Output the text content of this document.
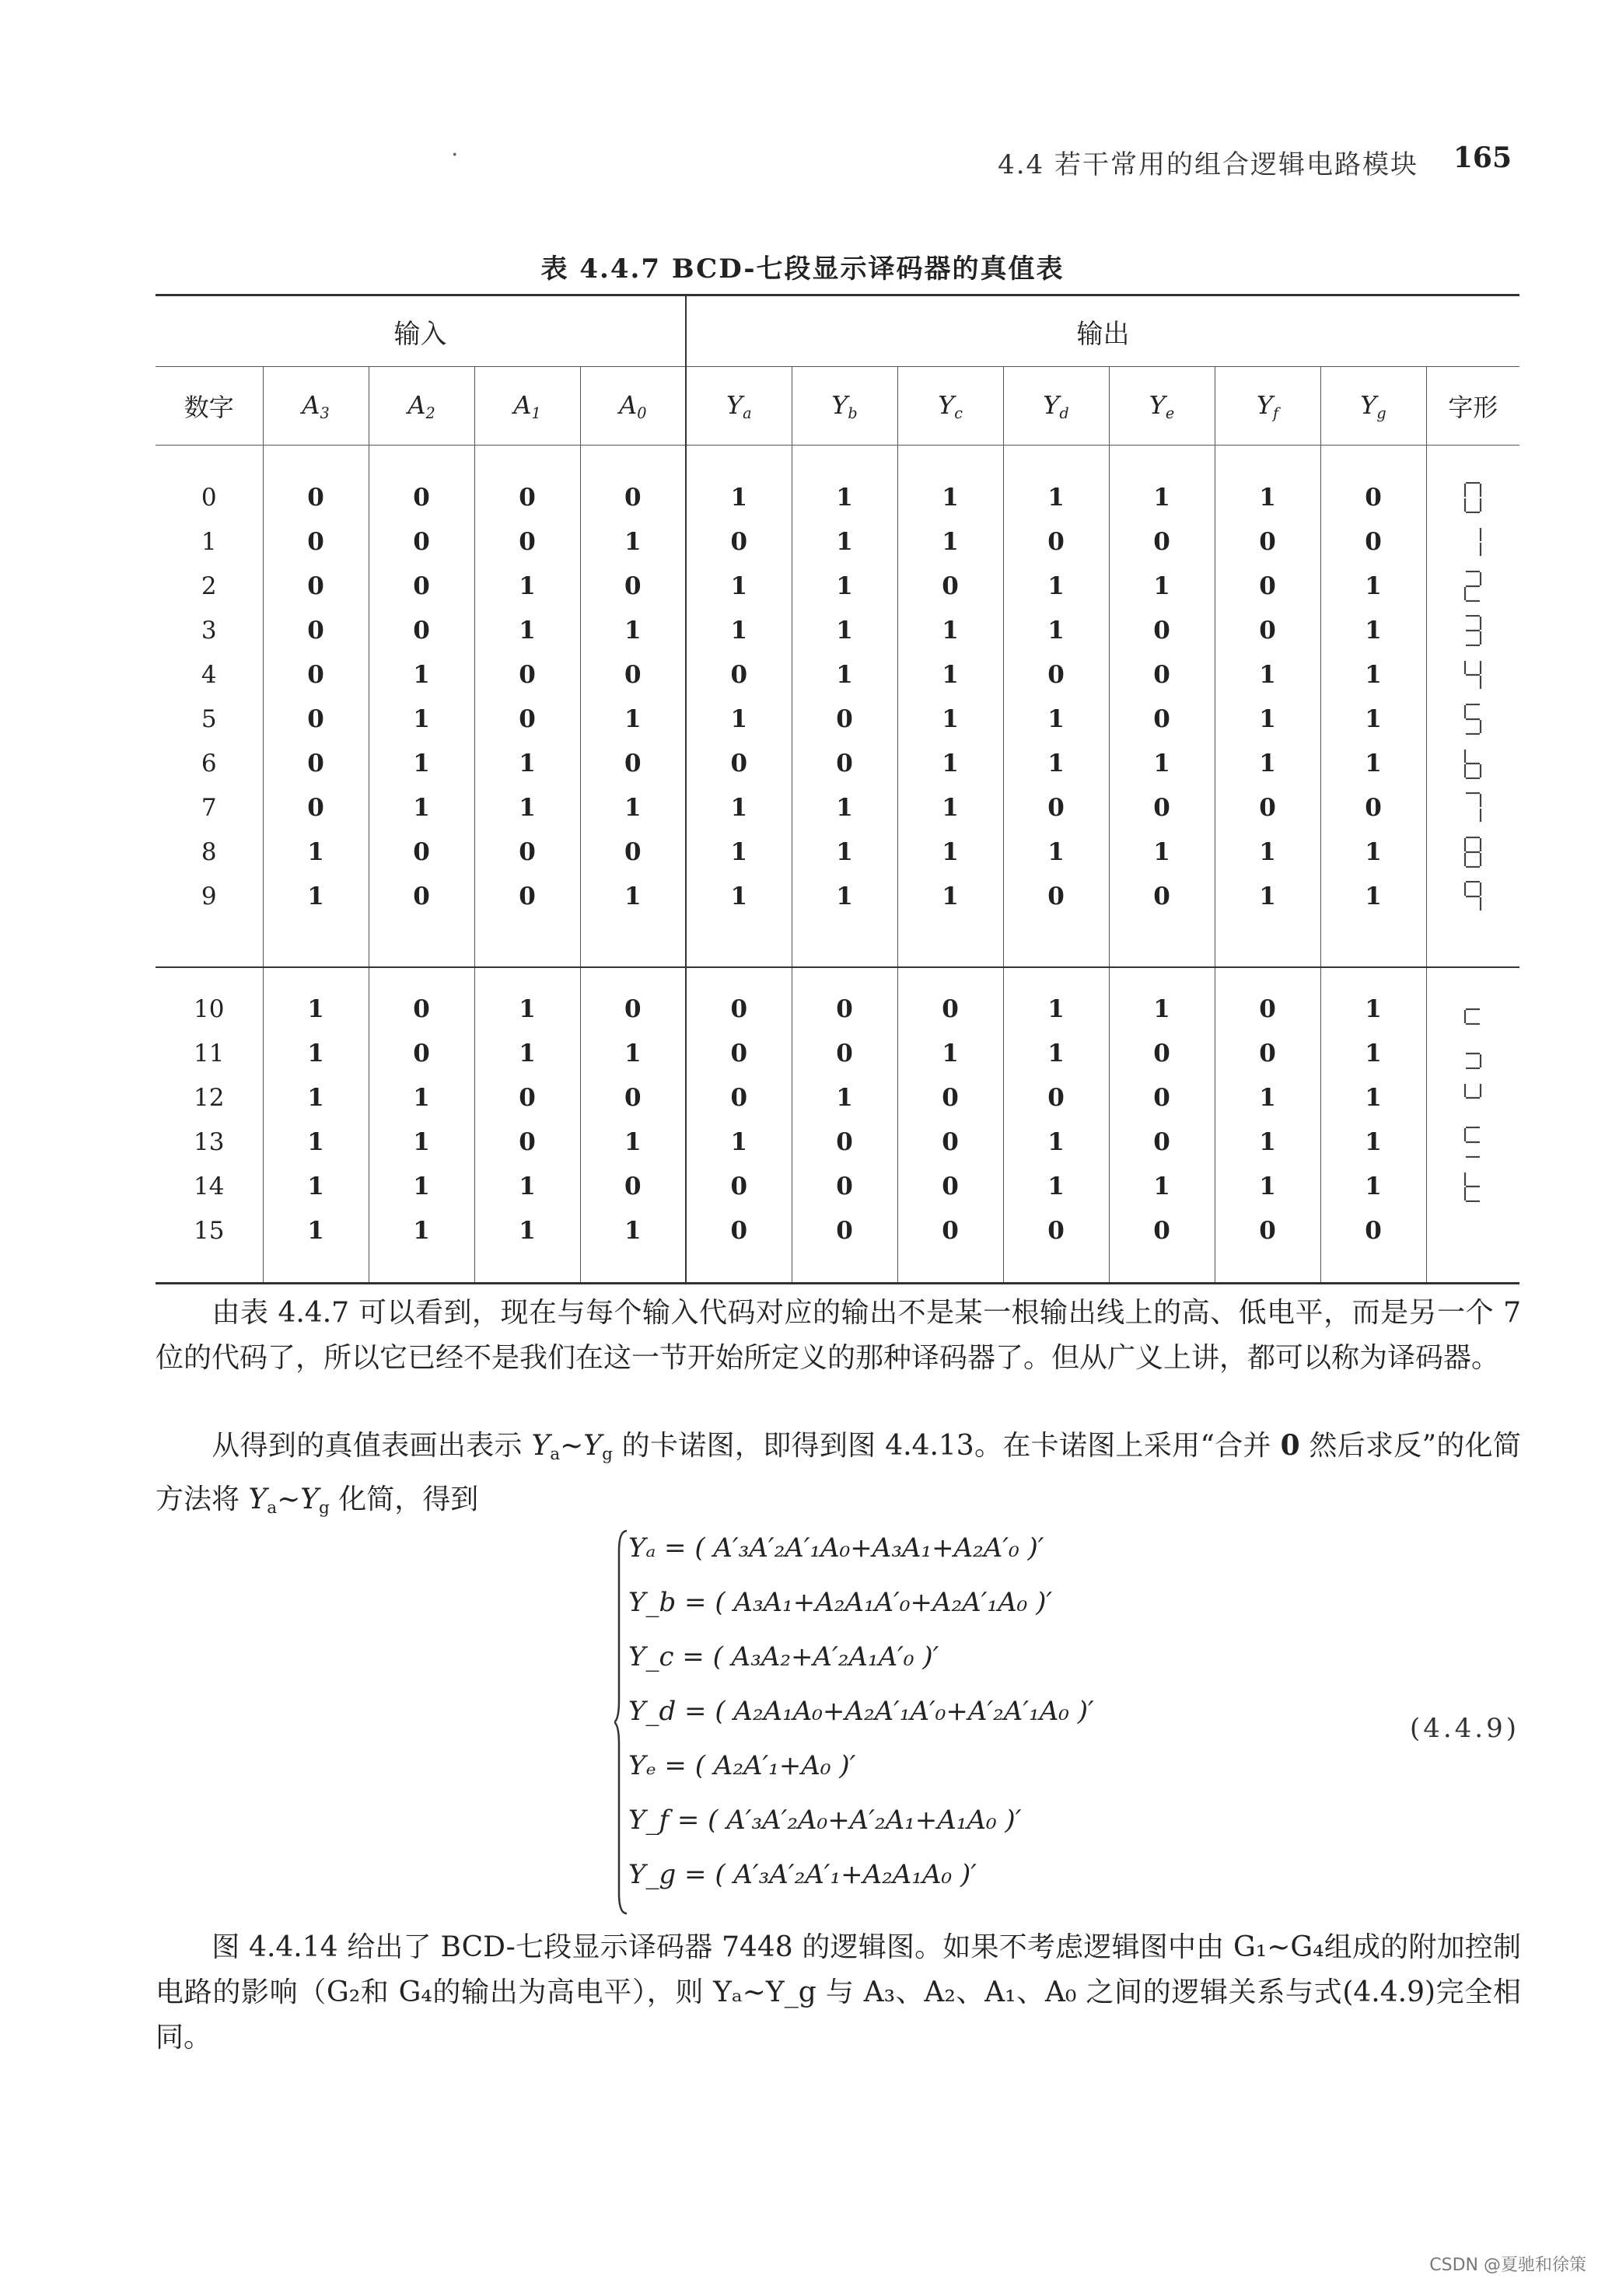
·	4.4 若干常用的组合逻辑电路模块 165
表 4.4.7 BCD-七段显示译码器的真值表
输入					输出							
数字	$A_3$	$A_2$	$A_1$	$A_0$	$Y_a$	$Y_b$	$Y_c$	$Y_d$	$Y_e$	$Y_f$	$Y_g$	字形

0	0	0	0	0	1	1	1	1	1	1	0	

1	0	0	0	1	0	1	1	0	0	0	0	

2	0	0	1	0	1	1	0	1	1	0	1	

3	0	0	1	1	1	1	1	1	0	0	1	

4	0	1	0	0	0	1	1	0	0	1	1	

5	0	1	0	1	1	0	1	1	0	1	1	

6	0	1	1	0	0	0	1	1	1	1	1	

7	0	1	1	1	1	1	1	0	0	0	0	

8	1	0	0	0	1	1	1	1	1	1	1	

9	1	0	0	1	1	1	1	0	0	1	1	

10	1	0	1	0	0	0	0	1	1	0	1	

11	1	0	1	1	0	0	1	1	0	0	1	

12	1	1	0	0	0	1	0	0	0	1	1	

13	1	1	0	1	1	0	0	1	0	1	1	

14	1	1	1	0	0	0	0	1	1	1	1	

15	1	1	1	1	0	0	0	0	0	0	0	

由表 4.4.7 可以看到，现在与每个输入代码对应的输出不是某一根输出线上的高、低电平，而是另一个 7 位的代码了，所以它已经不是我们在这一节开始所定义的那种译码器了。但从广义上讲，都可以称为译码器。
从得到的真值表画出表示 $Y_a\sim Y_g$ 的卡诺图，即得到图 4.4.13。在卡诺图上采用“合并 0 然后求反”的化简方法将 $Y_a\sim Y_g$ 化简，得到
Yₐ = ( A′₃A′₂A′₁A₀+A₃A₁+A₂A′₀ )′
Y_b = ( A₃A₁+A₂A₁A′₀+A₂A′₁A₀ )′
Y_c = ( A₃A₂+A′₂A₁A′₀ )′
Y_d = ( A₂A₁A₀+A₂A′₁A′₀+A′₂A′₁A₀ )′
Yₑ = ( A₂A′₁+A₀ )′
Y_f = ( A′₃A′₂A₀+A′₂A₁+A₁A₀ )′
Y_g = ( A′₃A′₂A′₁+A₂A₁A₀ )′
(4.4.9)
图 4.4.14 给出了 BCD-七段显示译码器 7448 的逻辑图。如果不考虑逻辑图中由 G₁~G₄组成的附加控制电路的影响（G₂和 G₄的输出为高电平），则 Yₐ~Y_g 与 A₃、A₂、A₁、A₀ 之间的逻辑关系与式(4.4.9)完全相同。
CSDN @夏驰和徐策
